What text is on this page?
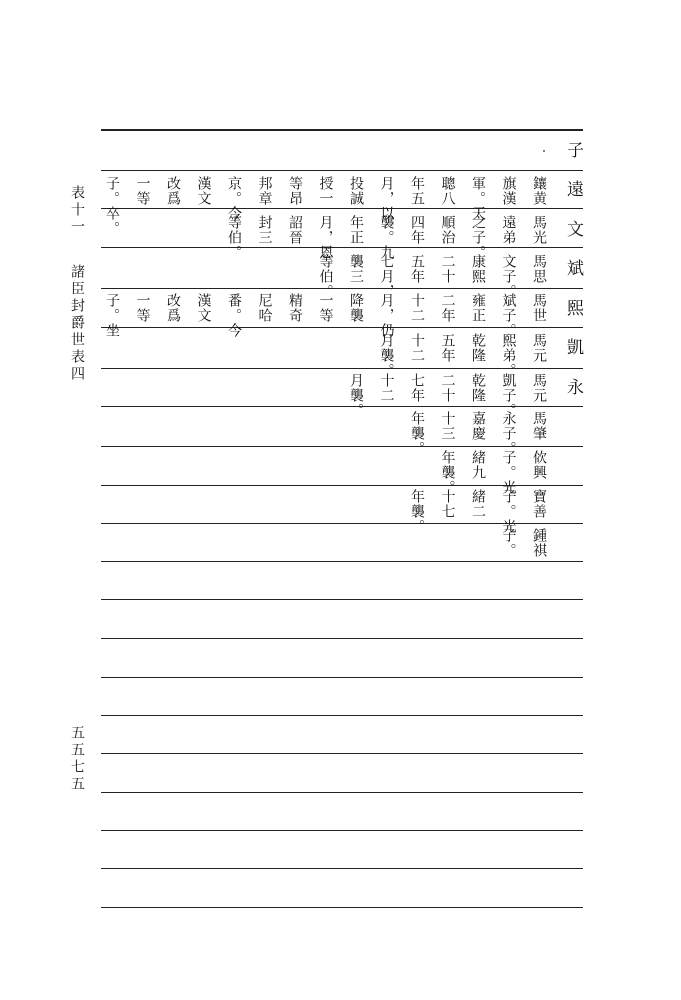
子
表十一
諸臣封爵世表四
五五七五
遠
文
斌
熙
凱
永
鑲黄
旗漢
軍。天
聰八
年五
月，以
投誠
授一
等昂
邦章
京。今
漢文
改爲
一等
子。卒。	馬光
遠弟
之子。
順治
四年
襲。九
年正
月，恩
詔晉
封三
等伯。
馬思
文子。
康熙
二十
五年
七月，
襲三
等伯。
馬世
斌子。
雍正
二年
十二
月，仍
降襲
一等
精奇
尼哈
番。今
漢文
改爲
一等
子。坐
馬元
熙弟。
乾隆
五年
十二
月襲。
馬元
凱子。
乾隆
二十
七年
十二
月襲。
馬肇
永子。
嘉慶
十三
年襲。
佽興
子。光
緒九
年襲。
寶善
子。光
緒二
十七
年襲。
鍾祺
子。
